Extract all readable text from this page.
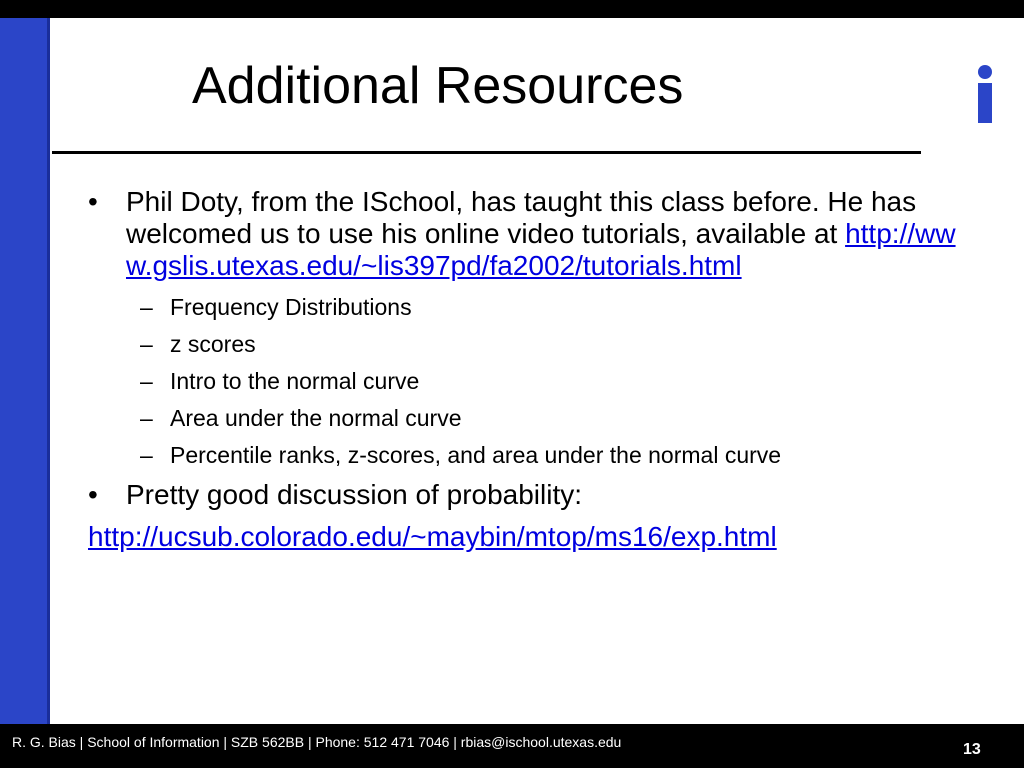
Additional Resources
• Phil Doty, from the ISchool, has taught this class before. He has welcomed us to use his online video tutorials, available at http://www.gslis.utexas.edu/~lis397pd/fa2002/tutorials.html
– Frequency Distributions
– z scores
– Intro to the normal curve
– Area under the normal curve
– Percentile ranks, z-scores, and area under the normal curve
• Pretty good discussion of probability:
http://ucsub.colorado.edu/~maybin/mtop/ms16/exp.html
R. G. Bias | School of Information | SZB 562BB | Phone: 512 471 7046 | rbias@ischool.utexas.edu	13
